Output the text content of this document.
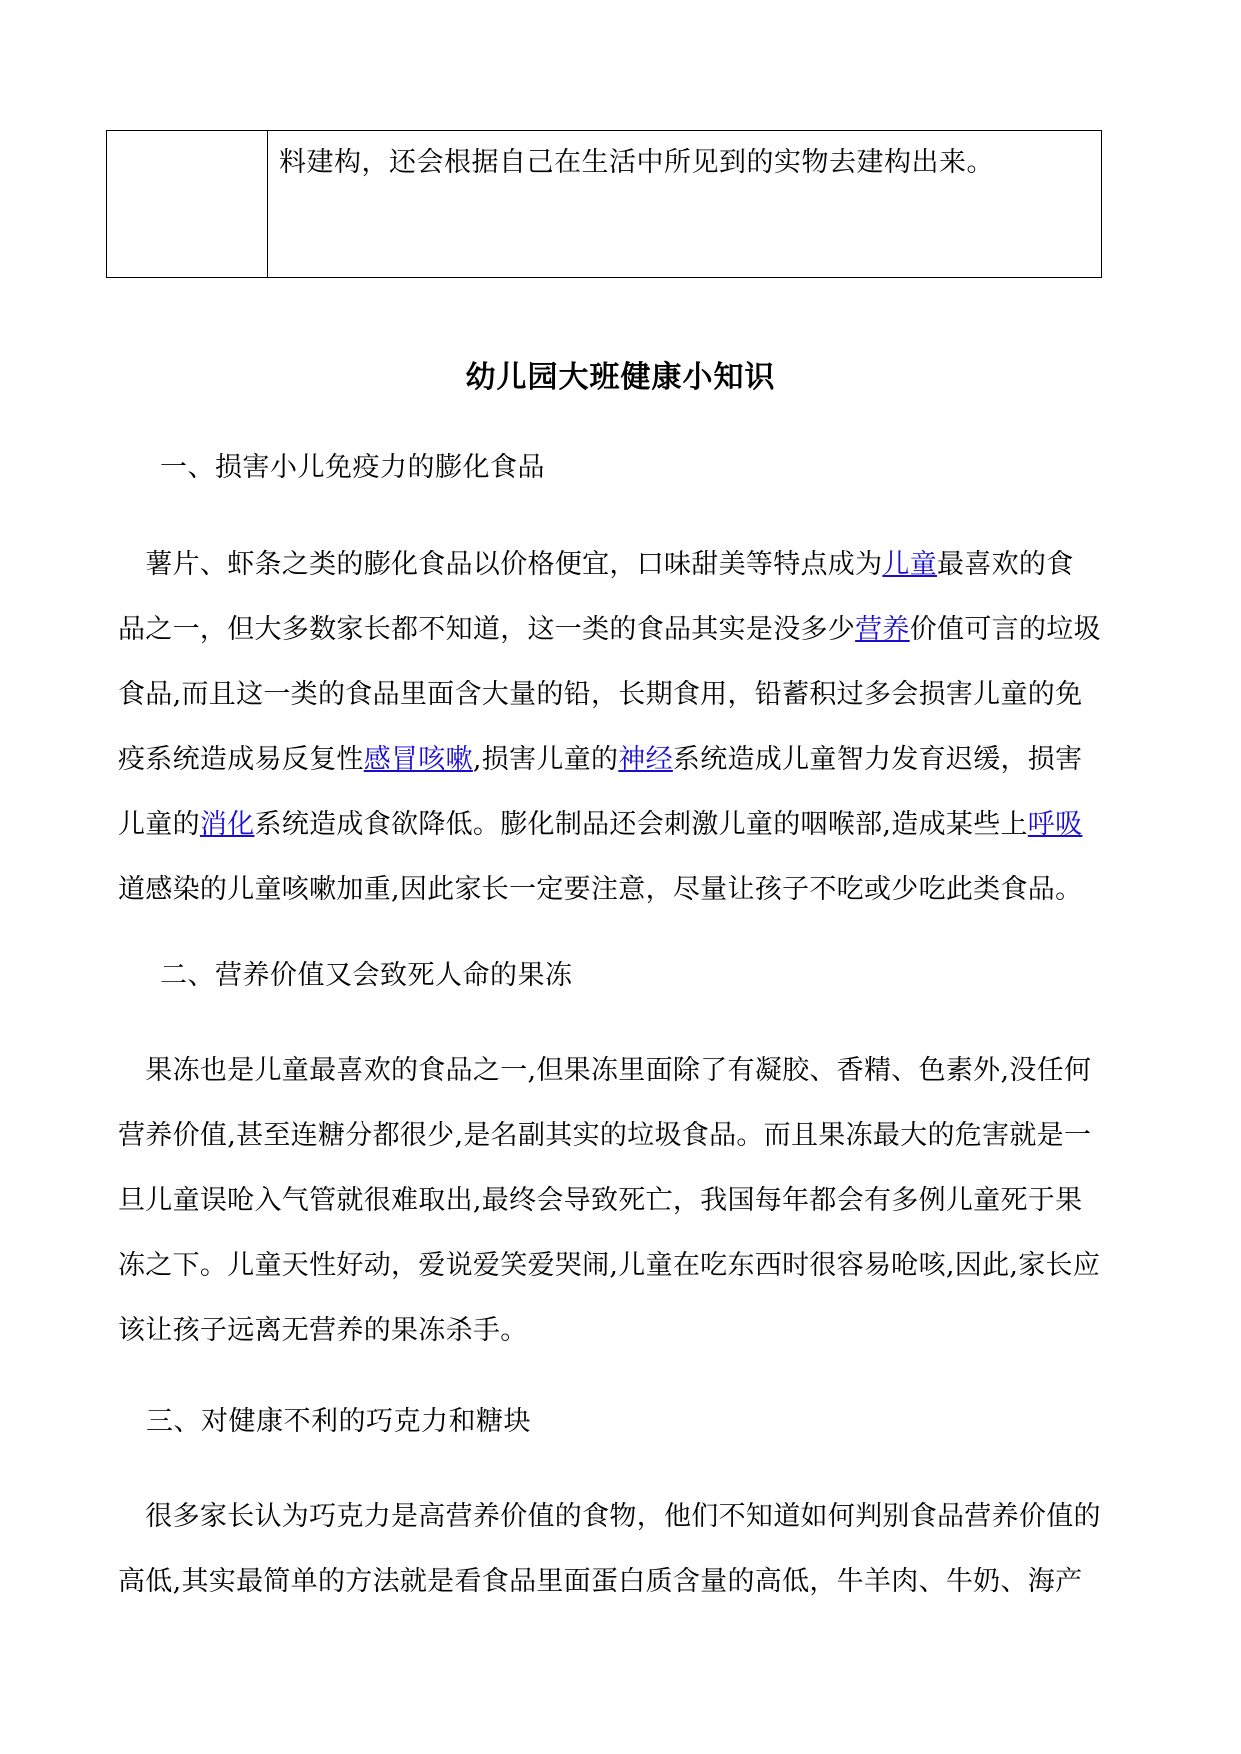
料建构，还会根据自己在生活中所见到的实物去建构出来。
幼儿园大班健康小知识
一、损害小儿免疫力的膨化食品
　薯片、虾条之类的膨化食品以价格便宜，口味甜美等特点成为儿童最喜欢的食
品之一，但大多数家长都不知道，这一类的食品其实是没多少营养价值可言的垃圾
食品,而且这一类的食品里面含大量的铅，长期食用，铅蓄积过多会损害儿童的免
疫系统造成易反复性感冒咳嗽,损害儿童的神经系统造成儿童智力发育迟缓，损害
儿童的消化系统造成食欲降低。膨化制品还会刺激儿童的咽喉部,造成某些上呼吸
道感染的儿童咳嗽加重,因此家长一定要注意，尽量让孩子不吃或少吃此类食品。
二、营养价值又会致死人命的果冻
　果冻也是儿童最喜欢的食品之一,但果冻里面除了有凝胶、香精、色素外,没任何
营养价值,甚至连糖分都很少,是名副其实的垃圾食品。而且果冻最大的危害就是一
旦儿童误呛入气管就很难取出,最终会导致死亡，我国每年都会有多例儿童死于果
冻之下。儿童天性好动，爱说爱笑爱哭闹,儿童在吃东西时很容易呛咳,因此,家长应
该让孩子远离无营养的果冻杀手。
三、对健康不利的巧克力和糖块
　很多家长认为巧克力是高营养价值的食物，他们不知道如何判别食品营养价值的
高低,其实最简单的方法就是看食品里面蛋白质含量的高低，牛羊肉、牛奶、海产
